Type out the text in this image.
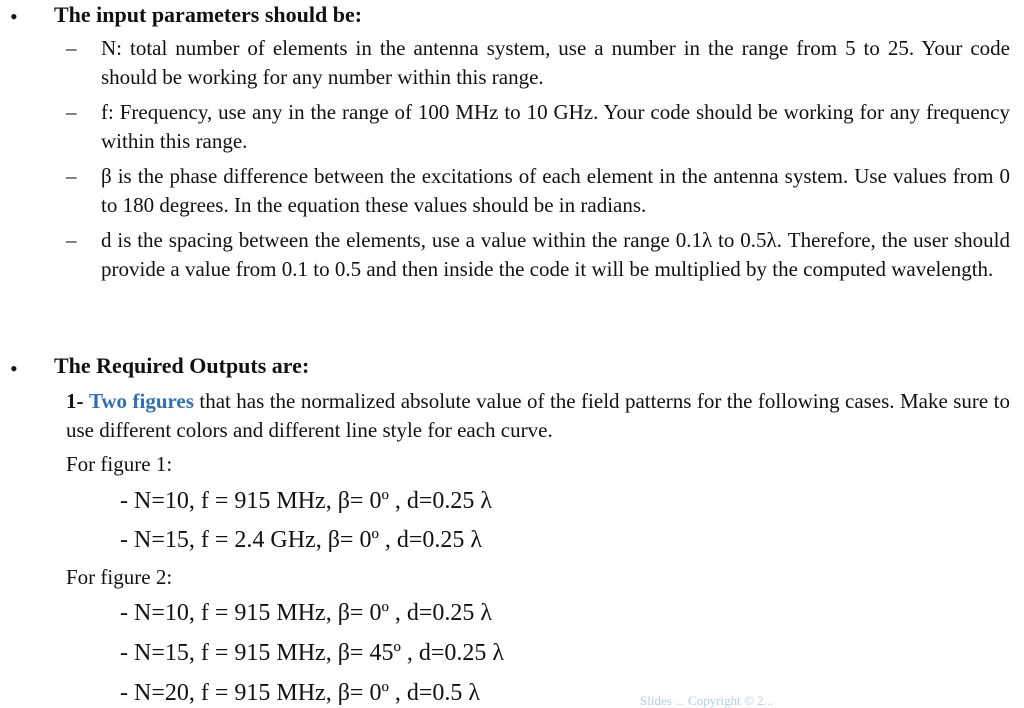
• The input parameters should be:
– N: total number of elements in the antenna system, use a number in the range from 5 to 25. Your code should be working for any number within this range.
– f: Frequency, use any in the range of 100 MHz to 10 GHz. Your code should be working for any frequency within this range.
– β is the phase difference between the excitations of each element in the antenna system. Use values from 0 to 180 degrees. In the equation these values should be in radians.
– d is the spacing between the elements, use a value within the range 0.1λ to 0.5λ. Therefore, the user should provide a value from 0.1 to 0.5 and then inside the code it will be multiplied by the computed wavelength.
• The Required Outputs are:
1- Two figures that has the normalized absolute value of the field patterns for the following cases. Make sure to use different colors and different line style for each curve.
For figure 1:
- N=10, f = 915 MHz, β= 0º , d=0.25 λ
- N=15, f = 2.4 GHz, β= 0º , d=0.25 λ
For figure 2:
- N=10, f = 915 MHz, β= 0º , d=0.25 λ
- N=15, f = 915 MHz, β= 45º , d=0.25 λ
- N=20, f = 915 MHz, β= 0º , d=0.5 λ	Slides ... Copyright © 2...
